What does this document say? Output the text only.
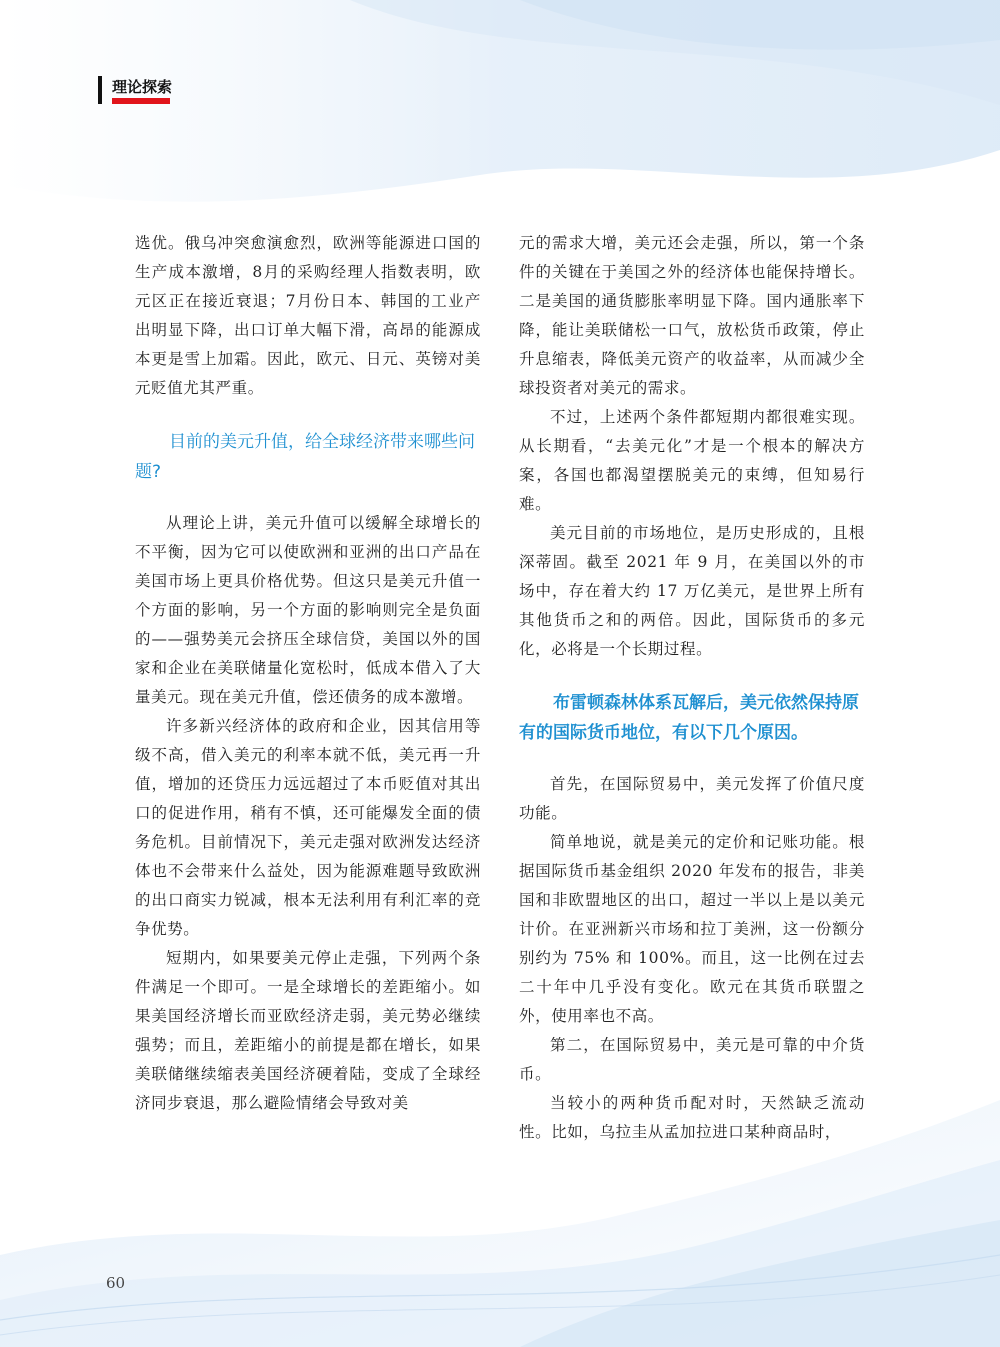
理论探索

选优。俄乌冲突愈演愈烈，欧洲等能源进口国的生产成本激增，8月的采购经理人指数表明，欧元区正在接近衰退；7月份日本、韩国的工业产出明显下降，出口订单大幅下滑，高昂的能源成本更是雪上加霜。因此，欧元、日元、英镑对美元贬值尤其严重。

目前的美元升值，给全球经济带来哪些问题?

从理论上讲，美元升值可以缓解全球增长的不平衡，因为它可以使欧洲和亚洲的出口产品在美国市场上更具价格优势。但这只是美元升值一个方面的影响，另一个方面的影响则完全是负面的——强势美元会挤压全球信贷，美国以外的国家和企业在美联储量化宽松时，低成本借入了大量美元。现在美元升值，偿还债务的成本激增。

许多新兴经济体的政府和企业，因其信用等级不高，借入美元的利率本就不低，美元再一升值，增加的还贷压力远远超过了本币贬值对其出口的促进作用，稍有不慎，还可能爆发全面的债务危机。目前情况下，美元走强对欧洲发达经济体也不会带来什么益处，因为能源难题导致欧洲的出口商实力锐减，根本无法利用有利汇率的竞争优势。

短期内，如果要美元停止走强，下列两个条件满足一个即可。一是全球增长的差距缩小。如果美国经济增长而亚欧经济走弱，美元势必继续强势；而且，差距缩小的前提是都在增长，如果美联储继续缩表美国经济硬着陆，变成了全球经济同步衰退，那么避险情绪会导致对美

元的需求大增，美元还会走强，所以，第一个条件的关键在于美国之外的经济体也能保持增长。二是美国的通货膨胀率明显下降。国内通胀率下降，能让美联储松一口气，放松货币政策，停止升息缩表，降低美元资产的收益率，从而减少全球投资者对美元的需求。

不过，上述两个条件都短期内都很难实现。从长期看，“去美元化”才是一个根本的解决方案，各国也都渴望摆脱美元的束缚，但知易行难。

美元目前的市场地位，是历史形成的，且根深蒂固。截至 2021 年 9 月，在美国以外的市场中，存在着大约 17 万亿美元，是世界上所有其他货币之和的两倍。因此，国际货币的多元化，必将是一个长期过程。

布雷顿森林体系瓦解后，美元依然保持原有的国际货币地位，有以下几个原因。

首先，在国际贸易中，美元发挥了价值尺度功能。

简单地说，就是美元的定价和记账功能。根据国际货币基金组织 2020 年发布的报告，非美国和非欧盟地区的出口，超过一半以上是以美元计价。在亚洲新兴市场和拉丁美洲，这一份额分别约为 75% 和 100%。而且，这一比例在过去二十年中几乎没有变化。欧元在其货币联盟之外，使用率也不高。

第二，在国际贸易中，美元是可靠的中介货币。

当较小的两种货币配对时，天然缺乏流动性。比如，乌拉圭从孟加拉进口某种商品时，

60
